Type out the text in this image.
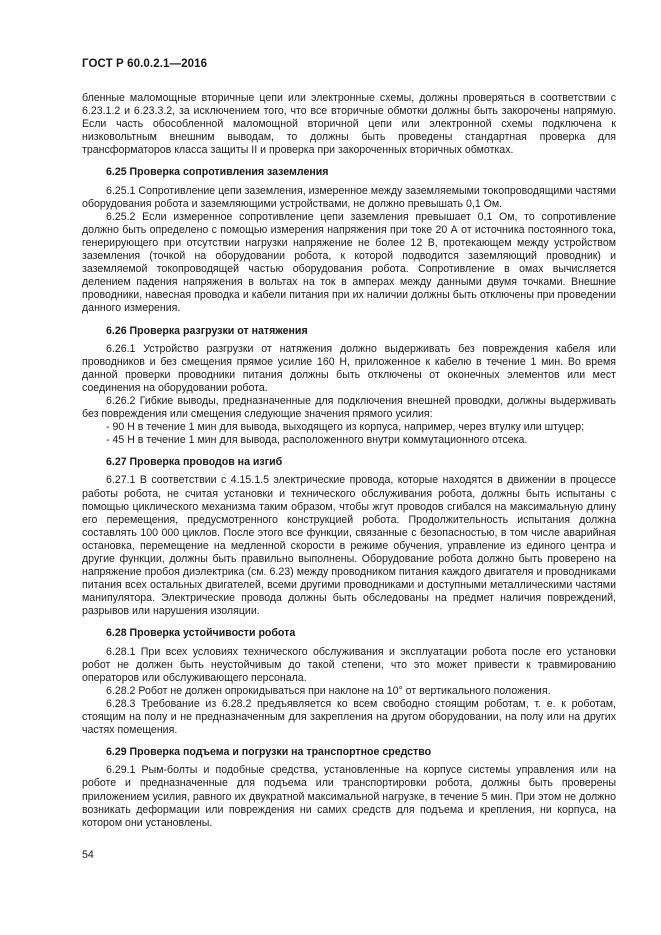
ГОСТ Р 60.0.2.1—2016

бленные маломощные вторичные цепи или электронные схемы, должны проверяться в соответствии с 6.23.1.2 и 6.23.3.2, за исключением того, что все вторичные обмотки должны быть закорочены напрямую. Если часть обособленной маломощной вторичной цепи или электронной схемы подключена к низковольтным внешним выводам, то должны быть проведены стандартная проверка для трансформаторов класса защиты II и проверка при закороченных вторичных обмотках.

6.25 Проверка сопротивления заземления

6.25.1 Сопротивление цепи заземления, измеренное между заземляемыми токопроводящими частями оборудования робота и заземляющими устройствами, не должно превышать 0,1 Ом.

6.25.2 Если измеренное сопротивление цепи заземления превышает 0,1 Ом, то сопротивление должно быть определено с помощью измерения напряжения при токе 20 А от источника постоянного тока, генерирующего при отсутствии нагрузки напряжение не более 12 В, протекающем между устройством заземления (точкой на оборудовании робота, к которой подводится заземляющий проводник) и заземляемой токопроводящей частью оборудования робота. Сопротивление в омах вычисляется делением падения напряжения в вольтах на ток в амперах между данными двумя точками. Внешние проводники, навесная проводка и кабели питания при их наличии должны быть отключены при проведении данного измерения.

6.26 Проверка разгрузки от натяжения

6.26.1 Устройство разгрузки от натяжения должно выдерживать без повреждения кабеля или проводников и без смещения прямое усилие 160 Н, приложенное к кабелю в течение 1 мин. Во время данной проверки проводники питания должны быть отключены от оконечных элементов или мест соединения на оборудовании робота.

6.26.2 Гибкие выводы, предназначенные для подключения внешней проводки, должны выдерживать без повреждения или смещения следующие значения прямого усилия:

- 90 Н в течение 1 мин для вывода, выходящего из корпуса, например, через втулку или штуцер;

- 45 Н в течение 1 мин для вывода, расположенного внутри коммутационного отсека.

6.27 Проверка проводов на изгиб

6.27.1 В соответствии с 4.15.1.5 электрические провода, которые находятся в движении в процессе работы робота, не считая установки и технического обслуживания робота, должны быть испытаны с помощью циклического механизма таким образом, чтобы жгут проводов сгибался на максимальную длину его перемещения, предусмотренного конструкцией робота. Продолжительность испытания должна составлять 100 000 циклов. После этого все функции, связанные с безопасностью, в том числе аварийная остановка, перемещение на медленной скорости в режиме обучения, управление из единого центра и другие функции, должны быть правильно выполнены. Оборудование робота должно быть проверено на напряжение пробоя диэлектрика (см. 6.23) между проводником питания каждого двигателя и проводниками питания всех остальных двигателей, всеми другими проводниками и доступными металлическими частями манипулятора. Электрические провода должны быть обследованы на предмет наличия повреждений, разрывов или нарушения изоляции.

6.28 Проверка устойчивости робота

6.28.1 При всех условиях технического обслуживания и эксплуатации робота после его установки робот не должен быть неустойчивым до такой степени, что это может привести к травмированию операторов или обслуживающего персонала.

6.28.2 Робот не должен опрокидываться при наклоне на 10° от вертикального положения.

6.28.3 Требование из 6.28.2 предъявляется ко всем свободно стоящим роботам, т. е. к роботам, стоящим на полу и не предназначенным для закрепления на другом оборудовании, на полу или на других частях помещения.

6.29 Проверка подъема и погрузки на транспортное средство

6.29.1 Рым-болты и подобные средства, установленные на корпусе системы управления или на роботе и предназначенные для подъема или транспортировки робота, должны быть проверены приложением усилия, равного их двукратной максимальной нагрузке, в течение 5 мин. При этом не должно возникать деформации или повреждения ни самих средств для подъема и крепления, ни корпуса, на котором они установлены.

54
